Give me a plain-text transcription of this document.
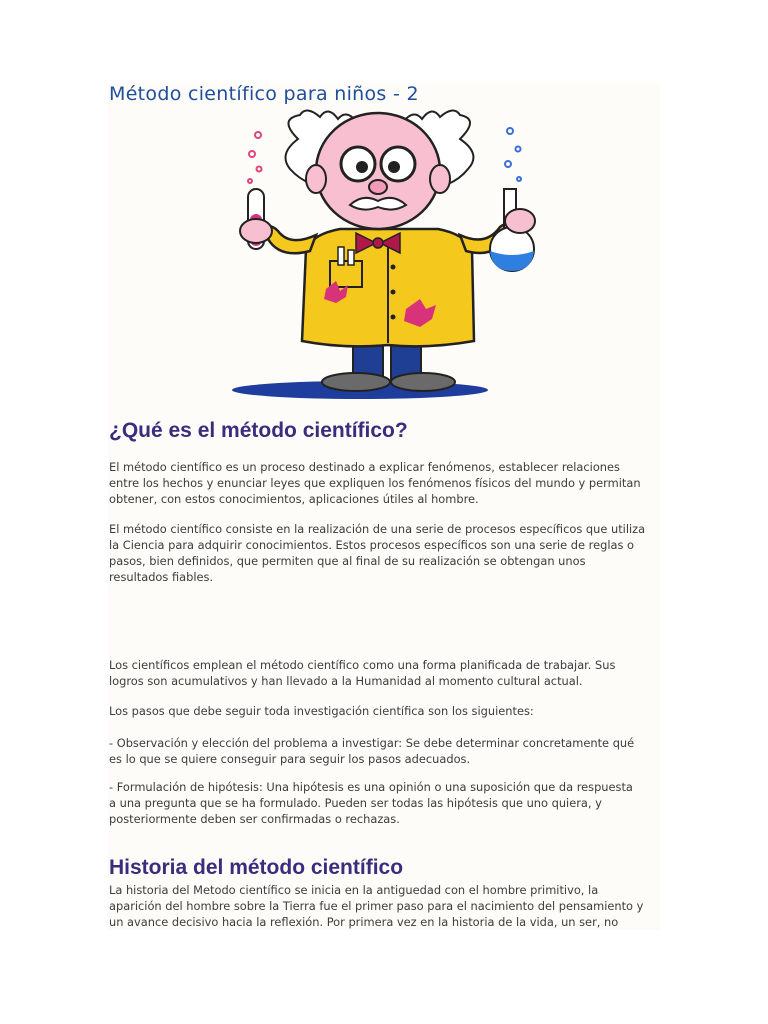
Método científico para niños - 2
¿Qué es el método científico?

El método científico es un proceso destinado a explicar fenómenos, establecer relaciones
entre los hechos y enunciar leyes que expliquen los fenómenos físicos del mundo y permitan
obtener, con estos conocimientos, aplicaciones útiles al hombre.

El método científico consiste en la realización de una serie de procesos específicos que utiliza
la Ciencia para adquirir conocimientos. Estos procesos específicos son una serie de reglas o
pasos, bien definidos, que permiten que al final de su realización se obtengan unos
resultados fiables.

Los científicos emplean el método científico como una forma planificada de trabajar. Sus
logros son acumulativos y han llevado a la Humanidad al momento cultural actual.

Los pasos que debe seguir toda investigación científica son los siguientes:

- Observación y elección del problema a investigar: Se debe determinar concretamente qué
es lo que se quiere conseguir para seguir los pasos adecuados.

- Formulación de hipótesis: Una hipótesis es una opinión o una suposición que da respuesta
a una pregunta que se ha formulado. Pueden ser todas las hipótesis que uno quiera, y
posteriormente deben ser confirmadas o rechazas.

Historia del método científico

La historia del Metodo científico se inicia en la antiguedad con el hombre primitivo, la
aparición del hombre sobre la Tierra fue el primer paso para el nacimiento del pensamiento y
un avance decisivo hacia la reflexión. Por primera vez en la historia de la vida, un ser, no
